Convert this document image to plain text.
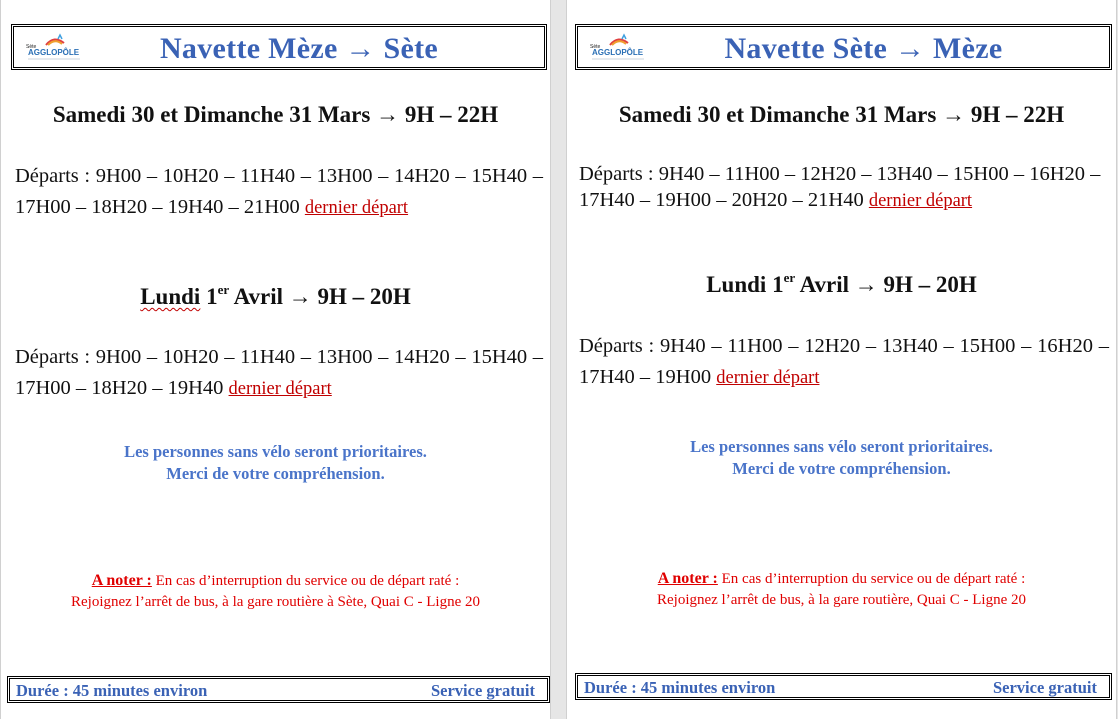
Sète
AGGLOPÔLE	Navette Mèze → Sète
Samedi 30 et Dimanche 31 Mars → 9H – 22H
Départs : 9H00 – 10H20 – 11H40 – 13H00 – 14H20 – 15H40 – 17H00 – 18H20 – 19H40 – 21H00 dernier départ
Lundi 1er Avril → 9H – 20H
Départs : 9H00 – 10H20 – 11H40 – 13H00 – 14H20 – 15H40 – 17H00 – 18H20 – 19H40 dernier départ
Les personnes sans vélo seront prioritaires.
Merci de votre compréhension.
A noter : En cas d’interruption du service ou de départ raté :
Rejoignez l’arrêt de bus, à la gare routière à Sète, Quai C - Ligne 20
Durée : 45 minutes environ	Service gratuit
Sète
AGGLOPÔLE	Navette Sète → Mèze
Samedi 30 et Dimanche 31 Mars → 9H – 22H
Départs : 9H40 – 11H00 – 12H20 – 13H40 – 15H00 – 16H20 – 17H40 – 19H00 – 20H20 – 21H40 dernier départ
Lundi 1er Avril → 9H – 20H
Départs : 9H40 – 11H00 – 12H20 – 13H40 – 15H00 – 16H20 – 17H40 – 19H00 dernier départ
Les personnes sans vélo seront prioritaires.
Merci de votre compréhension.
A noter : En cas d’interruption du service ou de départ raté :
Rejoignez l’arrêt de bus, à la gare routière, Quai C - Ligne 20
Durée : 45 minutes environ	Service gratuit
